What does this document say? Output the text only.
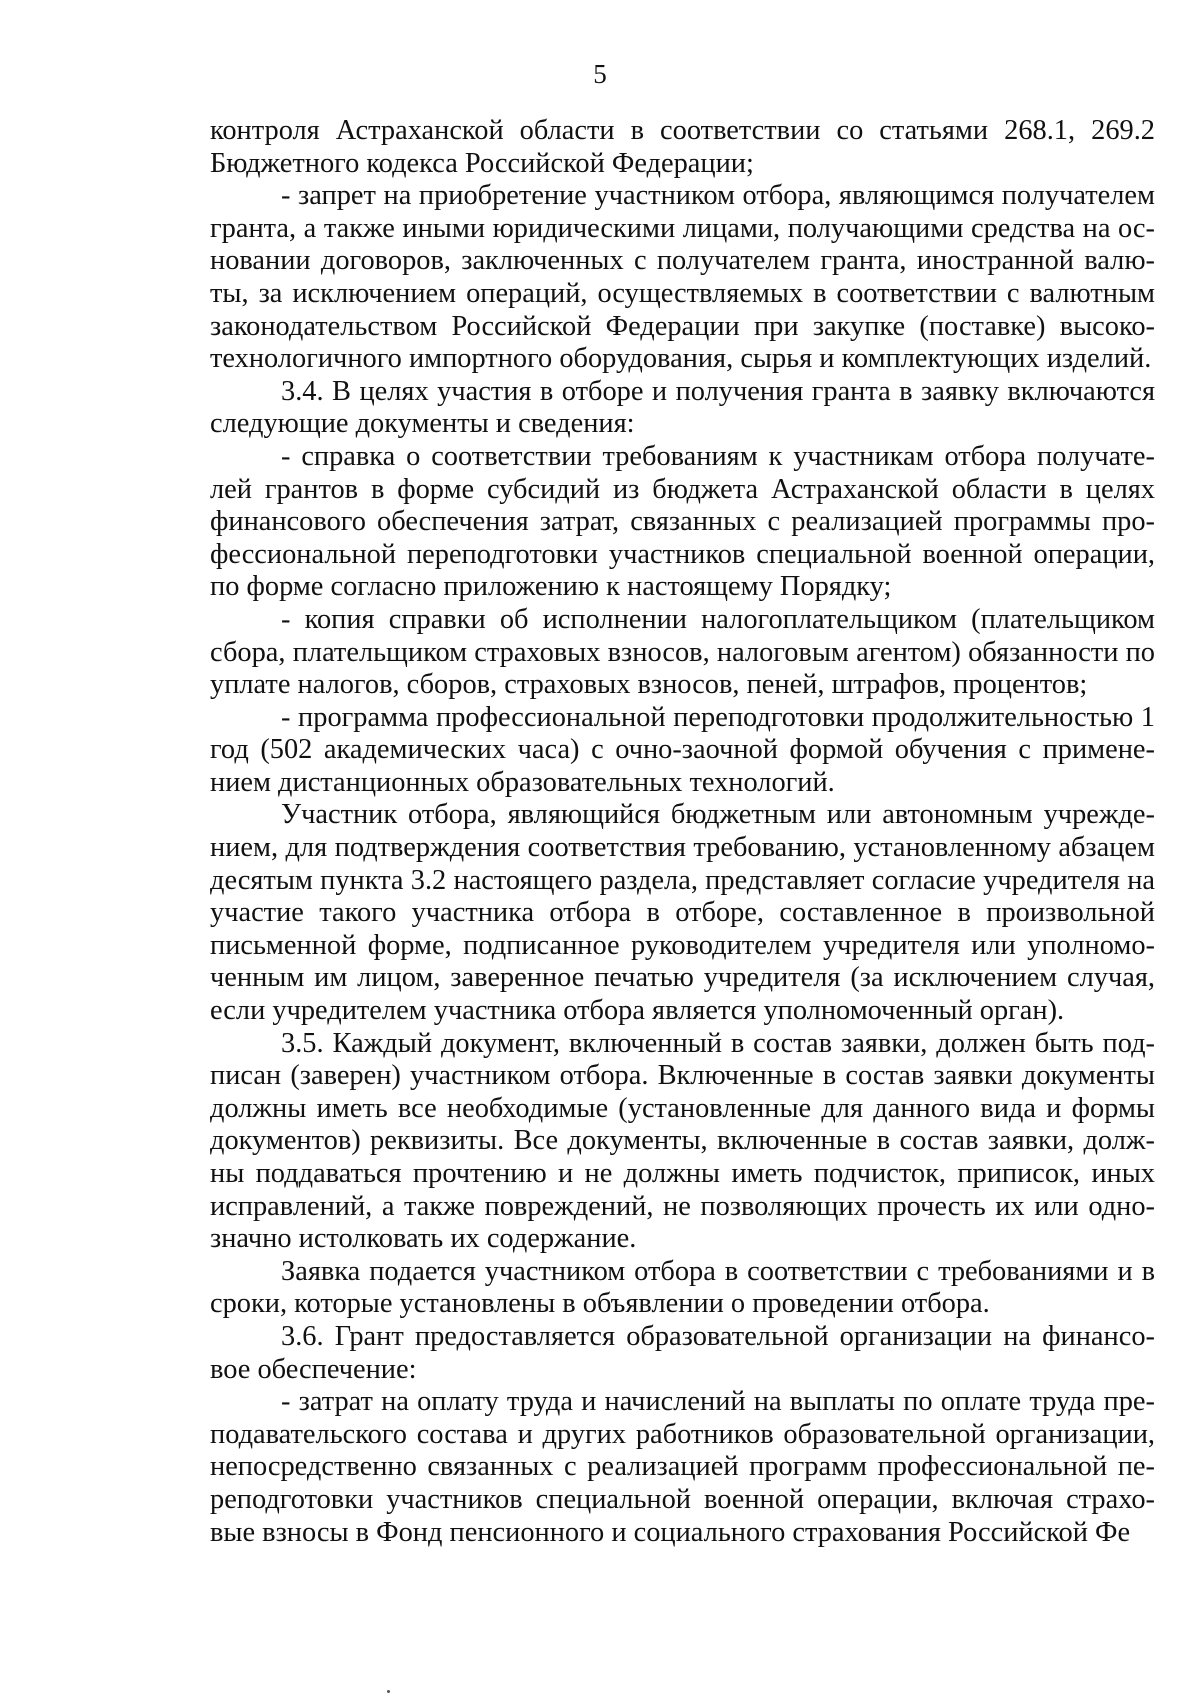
5

контроля Астраханской области в соответствии со статьями 268.1, 269.2 Бюджетного кодекса Российской Федерации;

- запрет на приобретение участником отбора, являющимся получателем гранта, а также иными юридическими лицами, получающими средства на основании договоров, заключенных с получателем гранта, иностранной валюты, за исключением операций, осуществляемых в соответствии с валютным законодательством Российской Федерации при закупке (поставке) высокотехнологичного импортного оборудования, сырья и комплектующих изделий.

3.4. В целях участия в отборе и получения гранта в заявку включаются следующие документы и сведения:

- справка о соответствии требованиям к участникам отбора получателей грантов в форме субсидий из бюджета Астраханской области в целях финансового обеспечения затрат, связанных с реализацией программы профессиональной переподготовки участников специальной военной операции, по форме согласно приложению к настоящему Порядку;

- копия справки об исполнении налогоплательщиком (плательщиком сбора, плательщиком страховых взносов, налоговым агентом) обязанности по уплате налогов, сборов, страховых взносов, пеней, штрафов, процентов;

- программа профессиональной переподготовки продолжительностью 1 год (502 академических часа) с очно-заочной формой обучения с применением дистанционных образовательных технологий.

Участник отбора, являющийся бюджетным или автономным учреждением, для подтверждения соответствия требованию, установленному абзацем десятым пункта 3.2 настоящего раздела, представляет согласие учредителя на участие такого участника отбора в отборе, составленное в произвольной письменной форме, подписанное руководителем учредителя или уполномоченным им лицом, заверенное печатью учредителя (за исключением случая, если учредителем участника отбора является уполномоченный орган).

3.5. Каждый документ, включенный в состав заявки, должен быть подписан (заверен) участником отбора. Включенные в состав заявки документы должны иметь все необходимые (установленные для данного вида и формы документов) реквизиты. Все документы, включенные в состав заявки, должны поддаваться прочтению и не должны иметь подчисток, приписок, иных исправлений, а также повреждений, не позволяющих прочесть их или однозначно истолковать их содержание.

Заявка подается участником отбора в соответствии с требованиями и в сроки, которые установлены в объявлении о проведении отбора.

3.6. Грант предоставляется образовательной организации на финансовое обеспечение:

- затрат на оплату труда и начислений на выплаты по оплате труда преподавательского состава и других работников образовательной организации, непосредственно связанных с реализацией программ профессиональной переподготовки участников специальной военной операции, включая страховые взносы в Фонд пенсионного и социального страхования Российской Фе
